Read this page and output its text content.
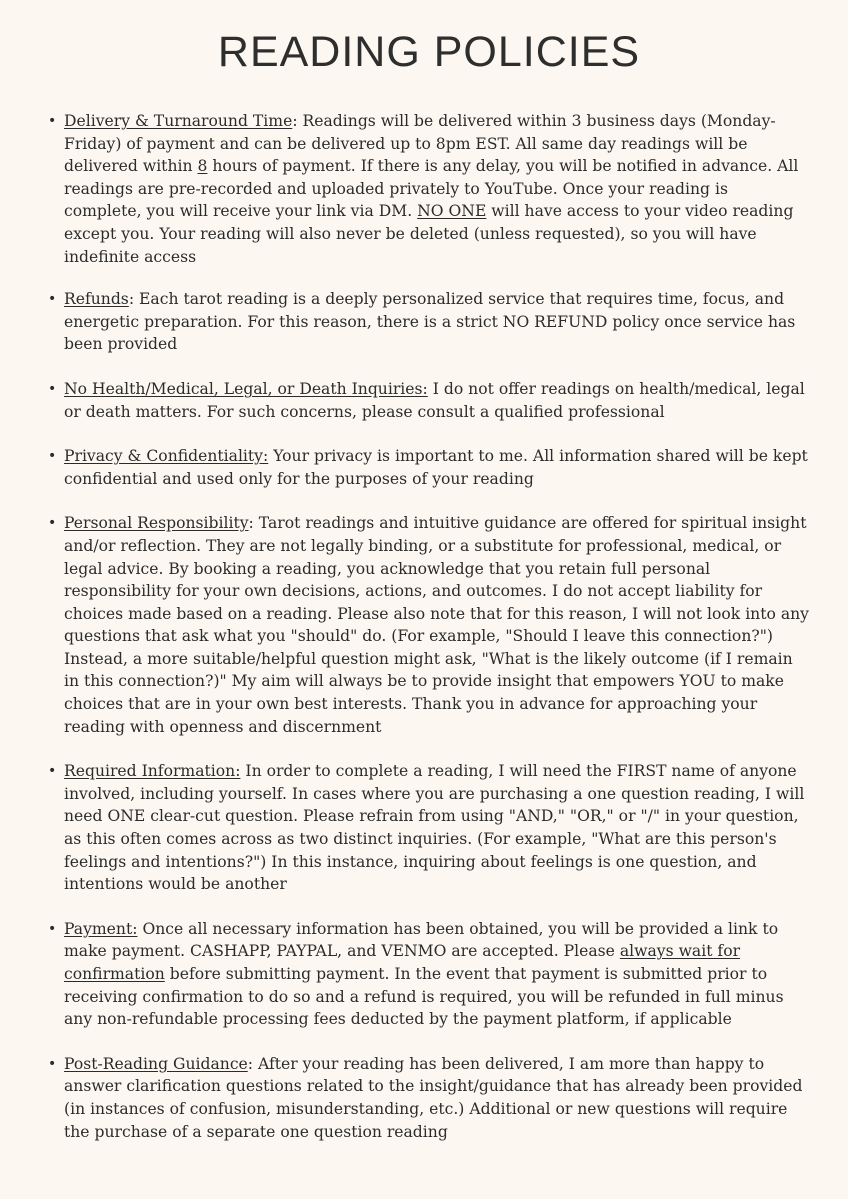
READING POLICIES
• Delivery & Turnaround Time: Readings will be delivered within 3 business days (Monday-Friday) of payment and can be delivered up to 8pm EST. All same day readings will be delivered within 8 hours of payment. If there is any delay, you will be notified in advance. All readings are pre-recorded and uploaded privately to YouTube. Once your reading is complete, you will receive your link via DM. NO ONE will have access to your video reading except you. Your reading will also never be deleted (unless requested), so you will have indefinite access
• Refunds: Each tarot reading is a deeply personalized service that requires time, focus, and energetic preparation. For this reason, there is a strict NO REFUND policy once service has been provided
• No Health/Medical, Legal, or Death Inquiries: I do not offer readings on health/medical, legal or death matters. For such concerns, please consult a qualified professional
• Privacy & Confidentiality: Your privacy is important to me. All information shared will be kept confidential and used only for the purposes of your reading
• Personal Responsibility: Tarot readings and intuitive guidance are offered for spiritual insight and/or reflection. They are not legally binding, or a substitute for professional, medical, or legal advice. By booking a reading, you acknowledge that you retain full personal responsibility for your own decisions, actions, and outcomes. I do not accept liability for choices made based on a reading. Please also note that for this reason, I will not look into any questions that ask what you "should" do. (For example, "Should I leave this connection?") Instead, a more suitable/helpful question might ask, "What is the likely outcome (if I remain in this connection?)" My aim will always be to provide insight that empowers YOU to make choices that are in your own best interests. Thank you in advance for approaching your reading with openness and discernment
• Required Information: In order to complete a reading, I will need the FIRST name of anyone involved, including yourself. In cases where you are purchasing a one question reading, I will need ONE clear-cut question. Please refrain from using "AND," "OR," or "/" in your question, as this often comes across as two distinct inquiries. (For example, "What are this person's feelings and intentions?") In this instance, inquiring about feelings is one question, and intentions would be another
• Payment: Once all necessary information has been obtained, you will be provided a link to make payment. CASHAPP, PAYPAL, and VENMO are accepted. Please always wait for confirmation before submitting payment. In the event that payment is submitted prior to receiving confirmation to do so and a refund is required, you will be refunded in full minus any non-refundable processing fees deducted by the payment platform, if applicable
• Post-Reading Guidance: After your reading has been delivered, I am more than happy to answer clarification questions related to the insight/guidance that has already been provided (in instances of confusion, misunderstanding, etc.) Additional or new questions will require the purchase of a separate one question reading
